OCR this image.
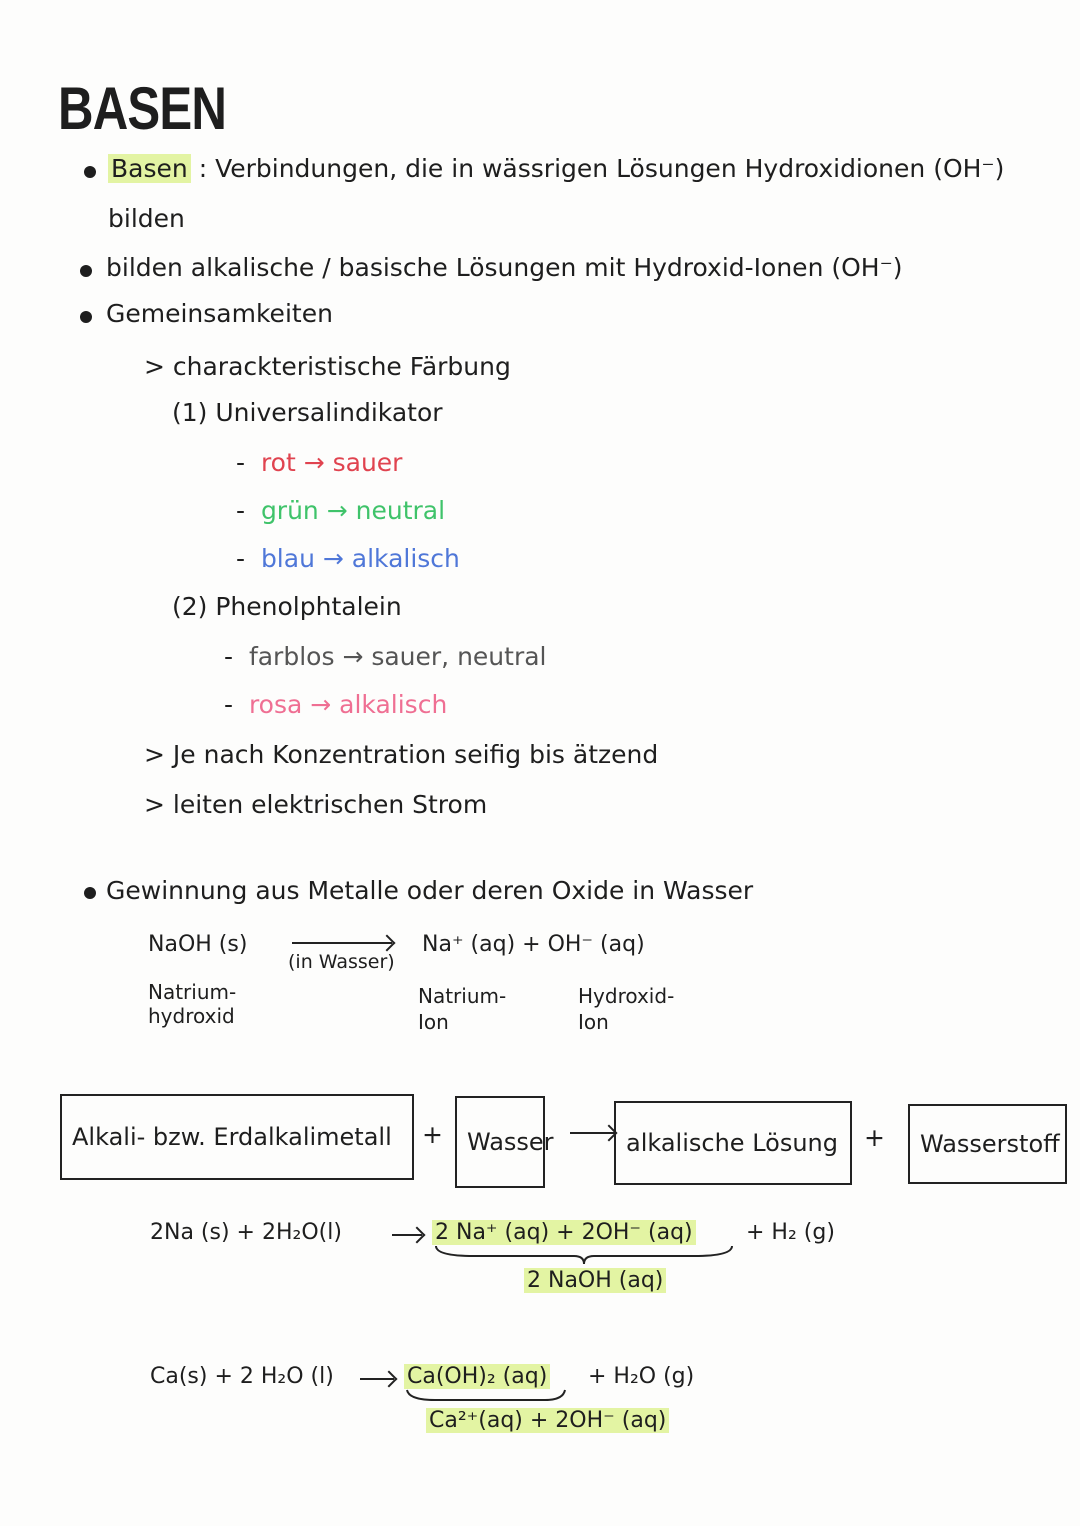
BASEN
Basen : Verbindungen, die in wässrigen Lösungen Hydroxidionen (OH⁻)
bilden
bilden alkalische / basische Lösungen mit Hydroxid-Ionen (OH⁻)
Gemeinsamkeiten
> charackteristische Färbung
(1) Universalindikator
- rot → sauer
- grün → neutral
- blau → alkalisch
(2) Phenolphtalein
- farblos → sauer, neutral
- rosa → alkalisch
> Je nach Konzentration seifig bis ätzend
> leiten elektrischen Strom
Gewinnung aus Metalle oder deren Oxide in Wasser
NaOH (s)
(in Wasser)
Na⁺ (aq) + OH⁻ (aq)
Natrium-
hydroxid
Natrium-
Ion
Hydroxid-
Ion
Alkali- bzw. Erdalkalimetall	+	Wasser	alkalische Lösung	+	Wasserstoff
2Na (s) + 2H₂O(l)	2 Na⁺ (aq) + 2OH⁻ (aq) + H₂ (g)
2 NaOH (aq)
Ca(s) + 2 H₂O (l)	Ca(OH)₂ (aq) + H₂O (g)
Ca²⁺(aq) + 2OH⁻ (aq)
